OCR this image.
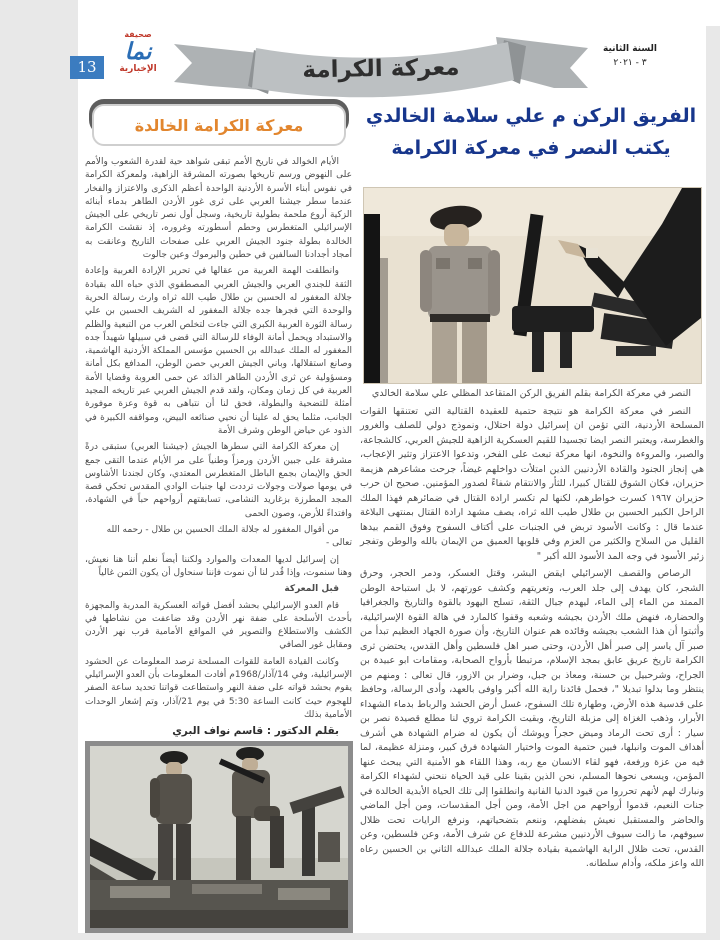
13
صحيفة
نما
الإخبارية	معركة الكرامة
السنة الثانية
٣ - ٢٠٢١
معركة الكرامة الخالدة	الفريق الركن م علي سلامة الخالدي
يكتب النصر في معركة الكرامة

النصر في معركة الكرامة بقلم الفريق الركن المتقاعد المظلي علي سلامة الخالدي

النصر في معركة الكرامة هو نتيجة حتمية للعقيدة القتالية التي تعتنقها القوات المسلحة الأردنية، التي تؤمن ان إسرائيل دولة احتلال، ونموذج دولي للصلف والغرور والغطرسة، ويعتبر النصر ايضا تجسيدا للقيم العسكرية الزاهية للجيش العربي، كالشجاعة، والصبر، والمروءة والنخوة، انها معركة تبعث على الفخر، وتدعوا الاعتزاز وتثير الإعجاب، هي إنجاز الجنود والقادة الأردنيين الذين امتلأت دواخلهم غيضاً، جرحت مشاعرهم هزيمة حزيران، فكان الشوق للقتال كبيرا، للثأر والانتقام شفاءً لصدور المؤمنين. صحيح ان حرب حزيران ١٩٦٧ كسرت خواطرهم، لكنها لم تكسر ارادة القتال في ضمائرهم فهذا الملك الراحل الكبير الحسين بن طلال طيب الله ثراه، يصف مشهد ارادة القتال بمنتهى البلاغة عندما قال : وكانت الأسود تربض في الجنبات على أكتاف السفوح وفوق القمم بيدها القليل من السلاح والكثير من العزم وفي قلوبها العميق من الإيمان بالله والوطن وتفجر زئير الأسود في وجه المد الأسود الله أكبر "

الرصاص والقصف الإسرائيلي ايقض البشر، وقتل العسكر، ودمر الحجر، وحرق الشجر، كان يهدف إلى جلد العرب، وتعريتهم وكشف عورتهم، لا بل استباحة الوطن الممتد من الماء إلى الماء، ليهدم جبال الثقة، تسلح اليهود بالقوة والتاريخ والجغرافيا والحضارة، فنهض ملك الأردن بجيشه وشعبه وقفوا كالمارد في هالة القوة الإسرائيلية، وأثبتوا أن هذا الشعب بجيشه وقائده هم عنوان التاريخ، وأن صورة الجهاد العظيم تبدأ من صبر آل ياسر إلى صبر أهل الأردن، وحتى صبر اهل فلسطين وأهل القدس، يحتضن ثرى الكرامة تاريخ عريق عابق بمجد الإسلام، مرتبطا بأرواح الصحابة، ومقامات ابو عبيدة بن الجراح، وشرحبيل بن حسنة، ومعاذ بن جبل، وضرار بن الازور، قال تعالى : ومنهم من ينتظر وما بدلوا تبديلا "، فحمل قائدنا راية الله أكبر واوفى بالعهد، وأدى الرسالة، وحافظ على قدسية هذه الأرض، وطهارة تلك السفوح، غسل أرض الحشد والرباط بدماء الشهداء الأبرار، وذهب الغزاة إلى مزبلة التاريخ، وبقيت الكرامة تروي لنا مطلع قصيدة نصر بن سيار : أرى تحت الرماد وميض حجراً ويوشك أن يكون له ضرام الشهادة هي أشرف أهداف الموت وانبلها، فبين حتمية الموت واختيار الشهادة فرق كبير، ومنزلة عظيمة، لما فيه من عزة ورفعة، فهو لقاء الانسان مع ربه، وهذا اللقاء هو الأمنية التي يبحث عنها المؤمن، ويسعى نحوها المسلم، نحن الذين بقينا على قيد الحياة ننحني لشهداء الكرامة ونبارك لهم لأنهم تحرروا من قيود الدنيا الفانية وانطلقوا إلى تلك الحياة الأبدية الخالدة في جنات النعيم، قدموا أرواحهم من اجل الأمة، ومن أجل المقدسات، ومن أجل الماضي والحاضر والمستقبل نعيش بفضلهم، وننعم بتضحياتهم، ونرفع الرايات تحت ظلال سيوفهم، ما زالت سيوف الأردنيين مشرعة للدفاع عن شرف الأمة، وعن فلسطين، وعن القدس، تحت ظلال الراية الهاشمية بقيادة جلالة الملك عبدالله الثاني بن الحسين رعاه الله واعز ملكه، وأدام سلطانه.

الأيام الخوالد في تاريخ الأمم تبقى شواهد حية لقدرة الشعوب والأمم على النهوض ورسم تاريخها بصورته المشرقة الزاهية، ولمعركة الكرامة في نفوس أبناء الأسرة الأردنية الواحدة أعظم الذكرى والاعتزاز والفخار عندما سطر جيشنا العربي على ثرى غور الأردن الطاهر بدماء أبنائه الزكية أروع ملحمة بطولية تاريخية، وسجل أول نصر تاريخي على الجيش الإسرائيلي المتغطرس وحطم أسطورته وغروره، إذ نقشت الكرامة الخالدة بطولة جنود الجيش العربي على صفحات التاريخ وعانقت به أمجاد أجدادنا السالفين في حطين واليرموك وعين جالوت

وانطلقت الهمة العربية من عقالها في تحرير الإرادة العربية وإعادة الثقة للجندي العربي والجيش العربي المصطفوي الذي حباه الله بقيادة جلالة المغفور له الحسين بن طلال طيب الله ثراه وارث رسالة الحرية والوحدة التي فجرها جده جلالة المغفور له الشريف الحسين بن علي رسالة الثورة العربية الكبرى التي جاءت لتخلص العرب من التبعية والظلم والاستبداد ويحمل أمانة الوفاء للرسالة التي قضى في سبيلها شهيداً جده المغفور له الملك عبدالله بن الحسين مؤسس المملكة الأردنية الهاشمية، وصانع استقلالها، وباني الجيش العربي حصن الوطن، المدافع بكل أمانة ومسؤولية عن ثرى الأردن الطاهر الذائد عن حمى العروبة وقضايا الأمة العربية في كل زمان ومكان، ولقد قدم الجيش العربي عبر تاريخه المجيد أمثلة للتضحية والبطولة، فحق لنا أن نتباهى به قوة وعزة موفورة الجانب، مثلما يحق له علينا أن نحيي صنائعه البيض، ومواقفه الكبيرة في الذود عن حياض الوطن وشرف الأمة

إن معركة الكرامة التي سطرها الجيش (جيشنا العربي) ستبقى درةً مشرقة على جبين الأردن ورمزاً وطنياً على مر الأيام عندما التقى جمع الحق والإيمان بجمع الباطل المتغطرس المعتدي، وكان لجندنا الأشاوس في يومها صولات وجولات ترددت لها جنبات الوادي المقدس تحكي قصة المجد المطرزة بزغاريد النشامى، تسابقتهم أرواحهم حباً في الشهادة، وافتداءً للأرض، وصون الحمى

من أقوال المغفور له جلالة الملك الحسين بن طلال - رحمه الله تعالى -

إن إسرائيل لديها المعدات والموارد ولكننا أيضاً نعلم أننا هنا نعيش، وهنا سنموت، وإذا قُدر لنا أن نموت فإننا سنحاول أن يكون الثمن غالياً

قبل المعركة

قام العدو الإسرائيلي بحشد أفضل قواته العسكرية المدربة والمجهزة بأحدث الأسلحة على ضفة نهر الأردن وقد ضاعفت من نشاطها في الكشف والاستطلاع والتصوير في المواقع الأمامية قرب نهر الأردن ومقابل غور الصافي

وكانت القيادة العامة للقوات المسلحة ترصد المعلومات عن الحشود الإسرائيلية، وفي 14/آذار/1968م أفادت المعلومات بأن العدو الإسرائيلي يقوم بحشد قواته على ضفة النهر واستطاعت قواتنا تحديد ساعة الصفر للهجوم حيث كانت الساعة 5:30 في يوم 21/آذار، وتم إشعار الوحدات الأمامية بذلك

بقلم الدكتور : قاسم نواف البري
